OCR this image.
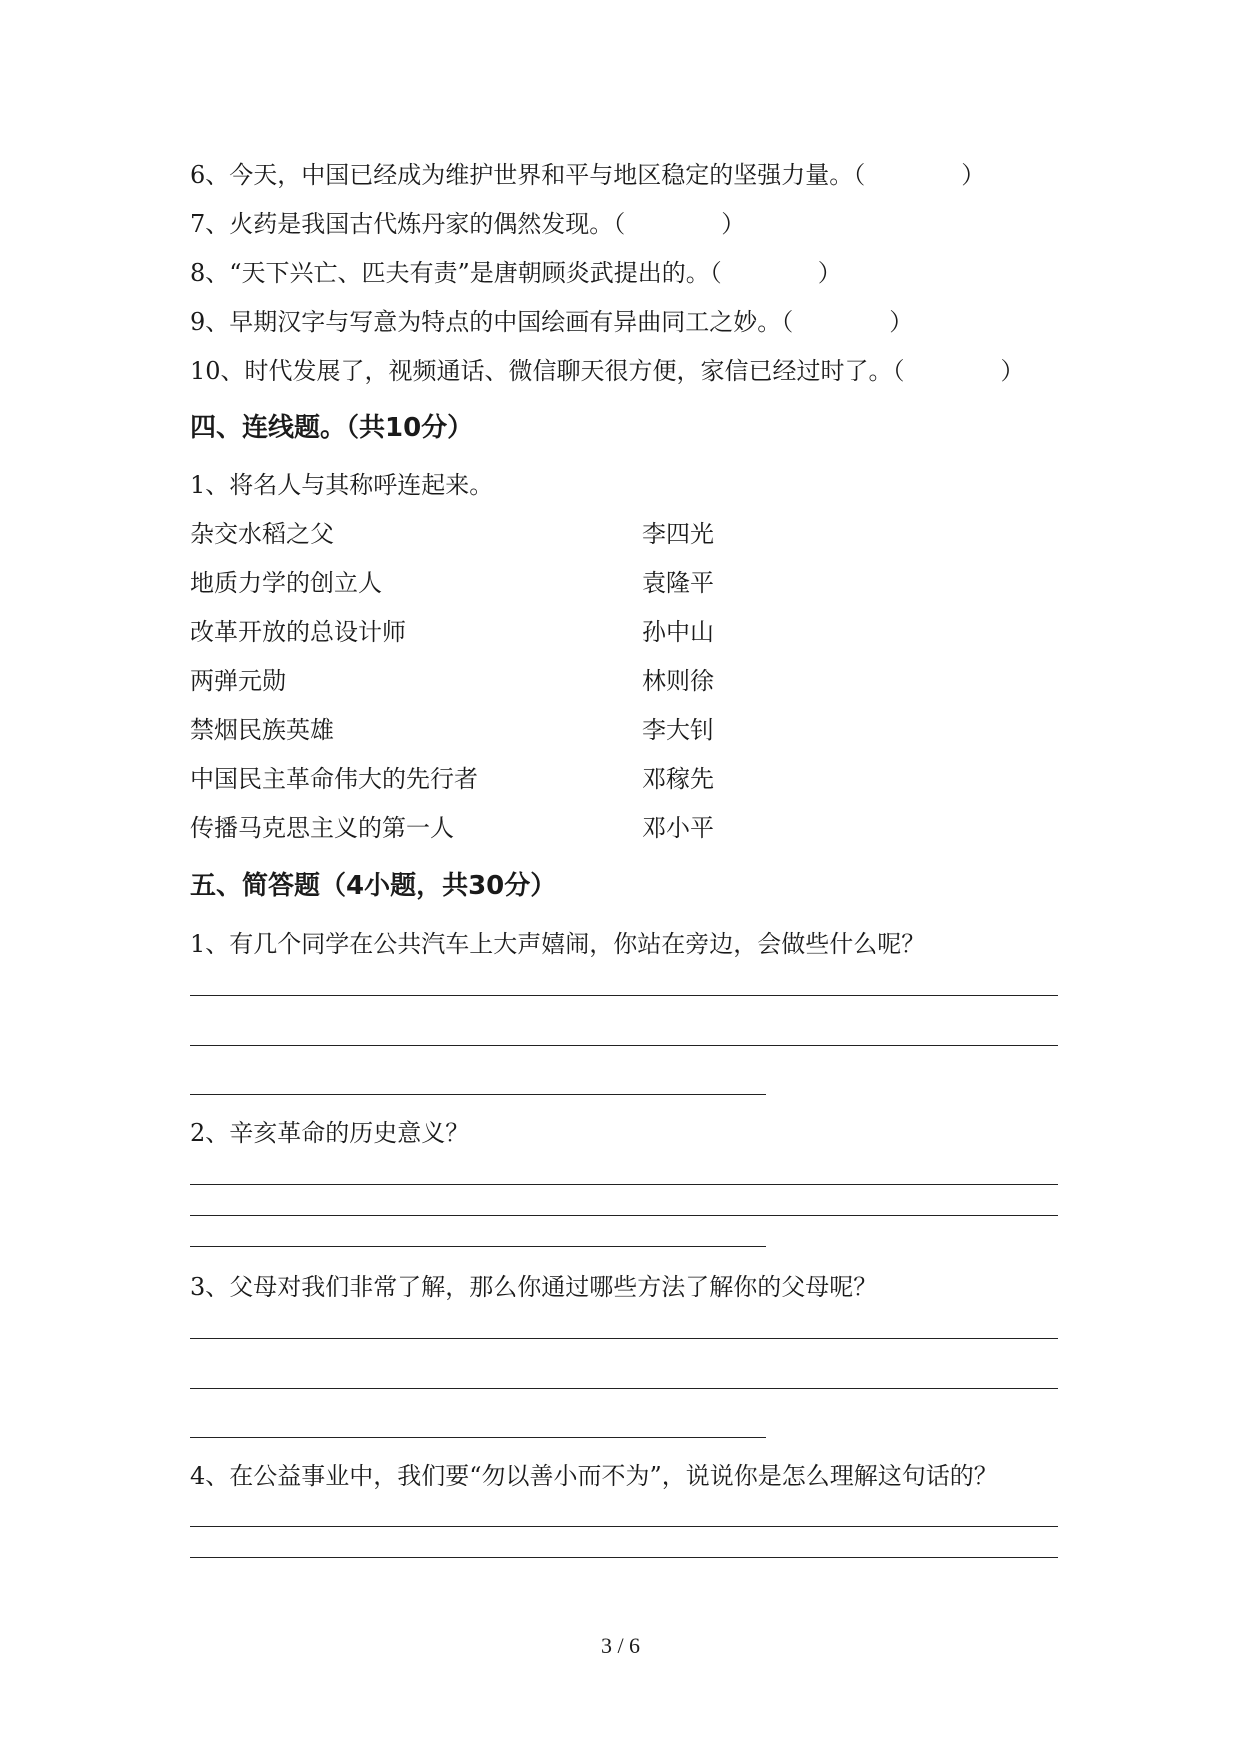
6、今天，中国已经成为维护世界和平与地区稳定的坚强力量。（　　　　）
7、火药是我国古代炼丹家的偶然发现。（　　　　）
8、“天下兴亡、匹夫有责”是唐朝顾炎武提出的。（　　　　）
9、早期汉字与写意为特点的中国绘画有异曲同工之妙。（　　　　）
10、时代发展了，视频通话、微信聊天很方便，家信已经过时了。（　　　　）
四、连线题。（共10分）
1、将名人与其称呼连起来。
杂交水稻之父
地质力学的创立人
改革开放的总设计师
两弹元勋
禁烟民族英雄
中国民主革命伟大的先行者
传播马克思主义的第一人
李四光
袁隆平
孙中山
林则徐
李大钊
邓稼先
邓小平
五、简答题（4小题，共30分）
1、有几个同学在公共汽车上大声嬉闹，你站在旁边，会做些什么呢？
2、辛亥革命的历史意义？
3、父母对我们非常了解，那么你通过哪些方法了解你的父母呢？
4、在公益事业中，我们要“勿以善小而不为”，说说你是怎么理解这句话的？
3 / 6
